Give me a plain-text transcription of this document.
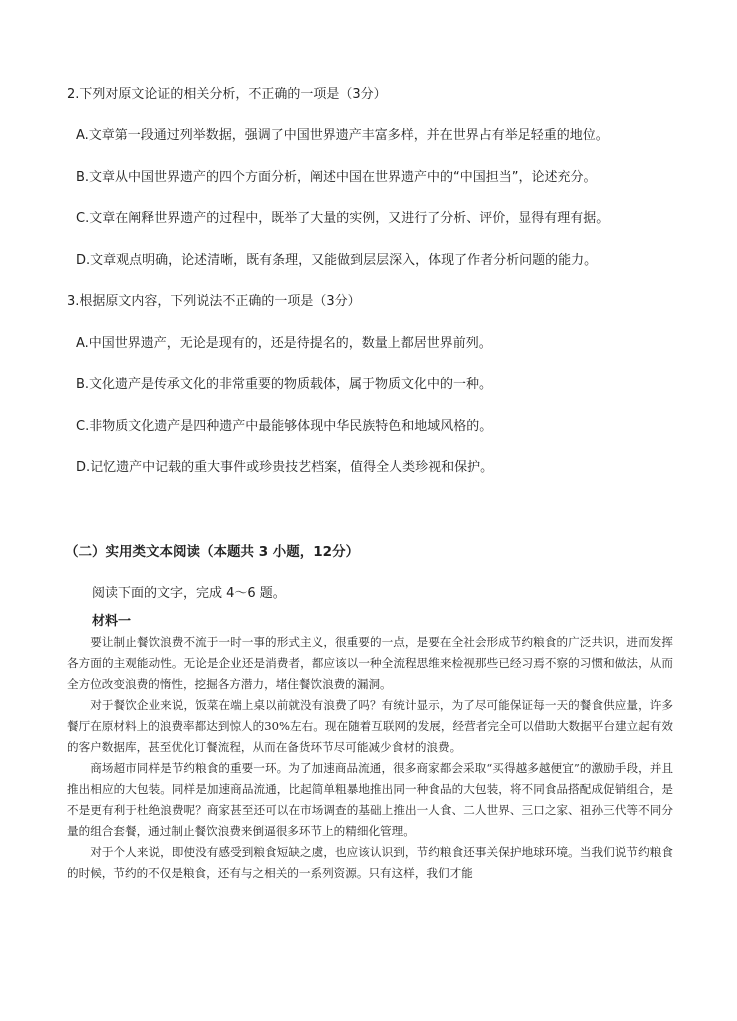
2.下列对原文论证的相关分析，不正确的一项是（3分）
A.文章第一段通过列举数据，强调了中国世界遗产丰富多样，并在世界占有举足轻重的地位。
B.文章从中国世界遗产的四个方面分析，阐述中国在世界遗产中的“中国担当”，论述充分。
C.文章在阐释世界遗产的过程中，既举了大量的实例，又进行了分析、评价，显得有理有据。
D.文章观点明确，论述清晰，既有条理，又能做到层层深入，体现了作者分析问题的能力。
3.根据原文内容，下列说法不正确的一项是（3分）
A.中国世界遗产，无论是现有的，还是待提名的，数量上都居世界前列。
B.文化遗产是传承文化的非常重要的物质载体，属于物质文化中的一种。
C.非物质文化遗产是四种遗产中最能够体现中华民族特色和地域风格的。
D.记忆遗产中记载的重大事件或珍贵技艺档案，值得全人类珍视和保护。
（二）实用类文本阅读（本题共 3 小题，12分）
阅读下面的文字，完成 4～6 题。
材料一

要让制止餐饮浪费不流于一时一事的形式主义，很重要的一点，是要在全社会形成节约粮食的广泛共识，进而发挥各方面的主观能动性。无论是企业还是消费者，都应该以一种全流程思维来检视那些已经习焉不察的习惯和做法，从而全方位改变浪费的惰性，挖掘各方潜力，堵住餐饮浪费的漏洞。

对于餐饮企业来说，饭菜在端上桌以前就没有浪费了吗？有统计显示，为了尽可能保证每一天的餐食供应量，许多餐厅在原材料上的浪费率都达到惊人的30%左右。现在随着互联网的发展，经营者完全可以借助大数据平台建立起有效的客户数据库，甚至优化订餐流程，从而在备货环节尽可能减少食材的浪费。

商场超市同样是节约粮食的重要一环。为了加速商品流通，很多商家都会采取“买得越多越便宜”的激励手段，并且推出相应的大包装。同样是加速商品流通，比起简单粗暴地推出同一种食品的大包装，将不同食品搭配成促销组合，是不是更有利于杜绝浪费呢？商家甚至还可以在市场调查的基础上推出一人食、二人世界、三口之家、祖孙三代等不同分量的组合套餐，通过制止餐饮浪费来倒逼很多环节上的精细化管理。

对于个人来说，即使没有感受到粮食短缺之虞，也应该认识到，节约粮食还事关保护地球环境。当我们说节约粮食的时候，节约的不仅是粮食，还有与之相关的一系列资源。只有这样，我们才能
